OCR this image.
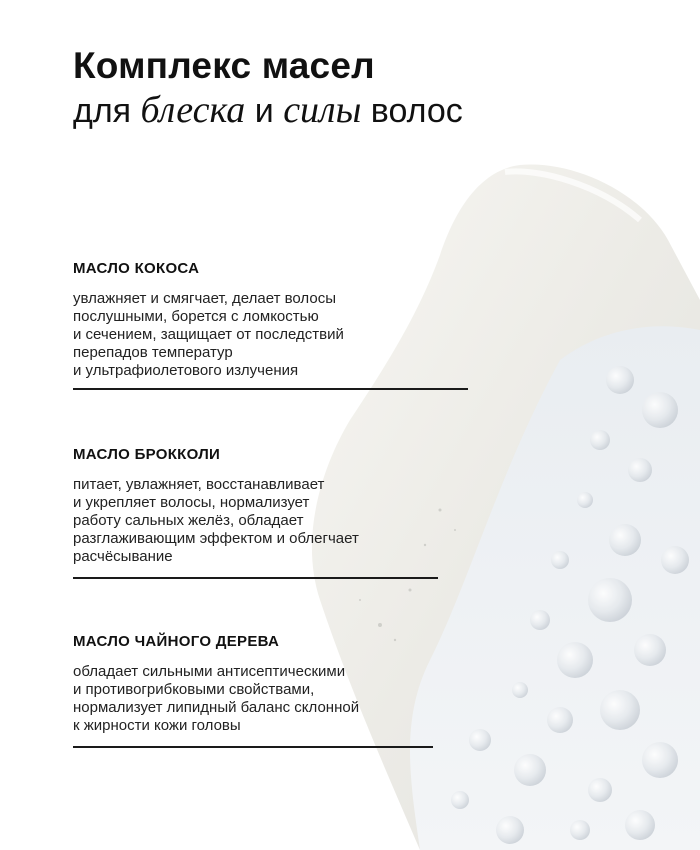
Комплекс масел
для блеска и силы волос
МАСЛО КОКОСА

увлажняет и смягчает, делает волосы
послушными, борется с ломкостью
и сечением, защищает от последствий
перепадов температур
и ультрафиолетового излучения

МАСЛО БРОККОЛИ

питает, увлажняет, восстанавливает
и укрепляет волосы, нормализует
работу сальных желёз, обладает
разглаживающим эффектом и облегчает
расчёсывание

МАСЛО ЧАЙНОГО ДЕРЕВА

обладает сильными антисептическими
и противогрибковыми свойствами,
нормализует липидный баланс склонной
к жирности кожи головы
